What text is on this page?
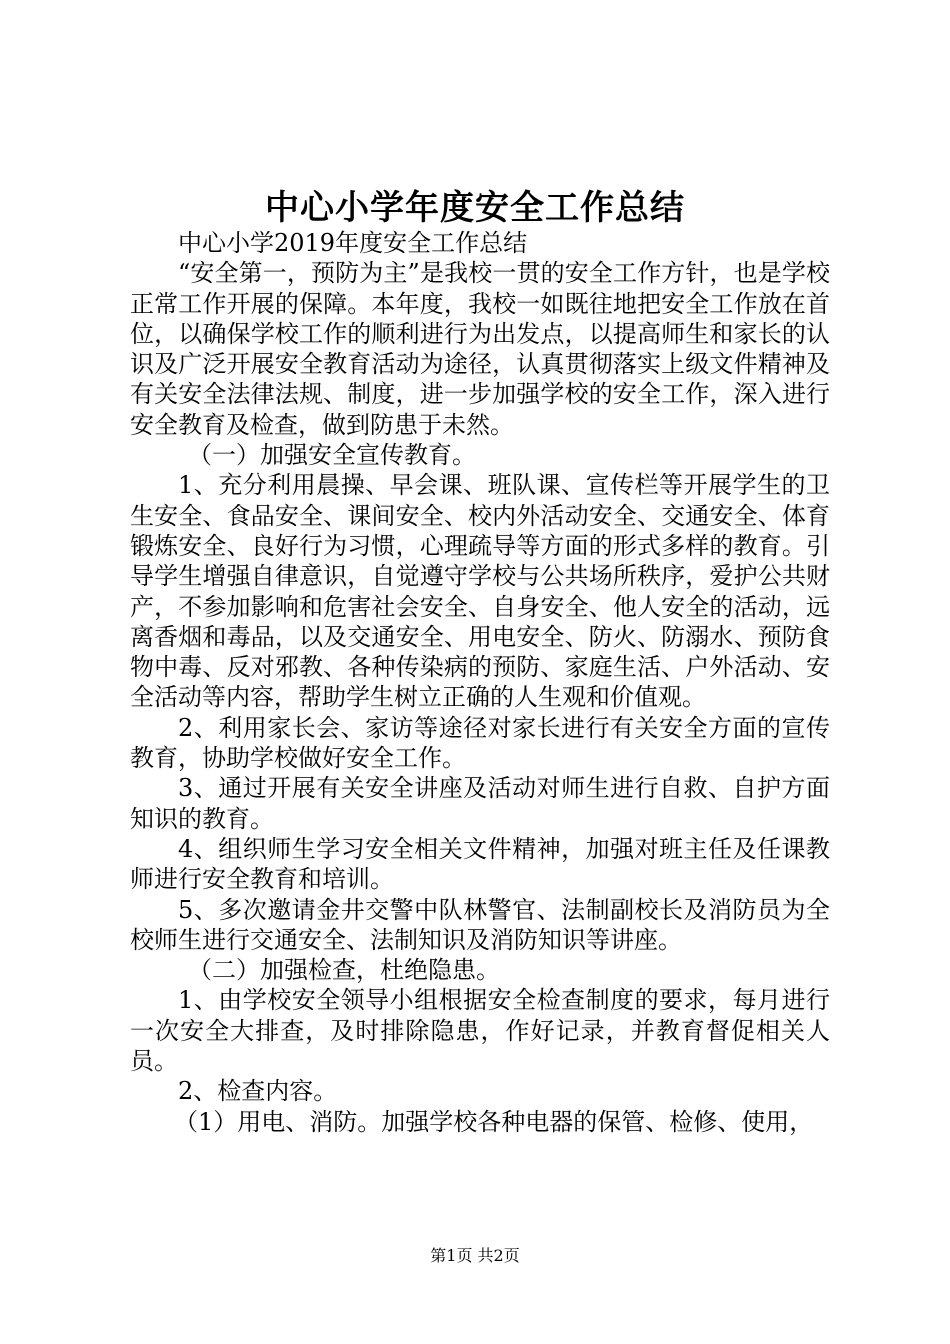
中心小学年度安全工作总结

中心小学2019年度安全工作总结

“安全第一，预防为主”是我校一贯的安全工作方针，也是学校正常工作开展的保障。本年度，我校一如既往地把安全工作放在首位，以确保学校工作的顺利进行为出发点，以提高师生和家长的认识及广泛开展安全教育活动为途径，认真贯彻落实上级文件精神及有关安全法律法规、制度，进一步加强学校的安全工作，深入进行安全教育及检查，做到防患于未然。

（一）加强安全宣传教育。

1、充分利用晨操、早会课、班队课、宣传栏等开展学生的卫生安全、食品安全、课间安全、校内外活动安全、交通安全、体育锻炼安全、良好行为习惯，心理疏导等方面的形式多样的教育。引导学生增强自律意识，自觉遵守学校与公共场所秩序，爱护公共财产，不参加影响和危害社会安全、自身安全、他人安全的活动，远离香烟和毒品，以及交通安全、用电安全、防火、防溺水、预防食物中毒、反对邪教、各种传染病的预防、家庭生活、户外活动、安全活动等内容，帮助学生树立正确的人生观和价值观。

2、利用家长会、家访等途径对家长进行有关安全方面的宣传教育，协助学校做好安全工作。

3、通过开展有关安全讲座及活动对师生进行自救、自护方面知识的教育。

4、组织师生学习安全相关文件精神，加强对班主任及任课教师进行安全教育和培训。

5、多次邀请金井交警中队林警官、法制副校长及消防员为全校师生进行交通安全、法制知识及消防知识等讲座。

（二）加强检查，杜绝隐患。

1、由学校安全领导小组根据安全检查制度的要求，每月进行一次安全大排查，及时排除隐患，作好记录，并教育督促相关人员。

2、检查内容。

（1）用电、消防。加强学校各种电器的保管、检修、使用，

第1页 共2页
